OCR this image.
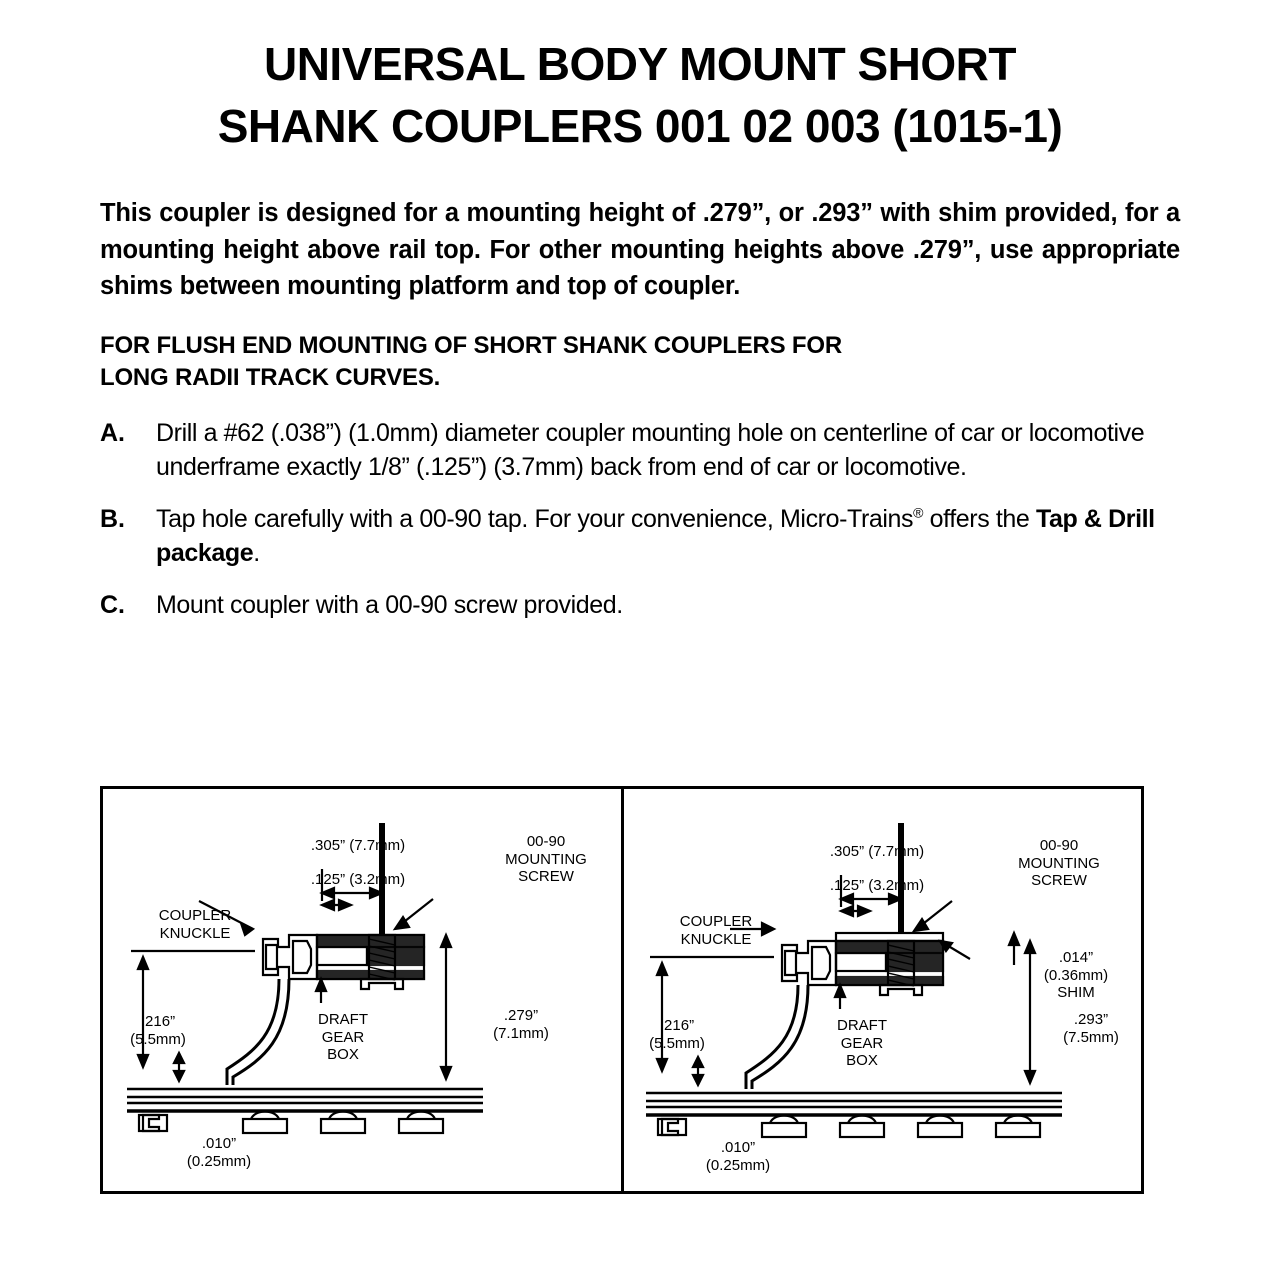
UNIVERSAL BODY MOUNT SHORT
SHANK COUPLERS 001 02 003 (1015-1)

This coupler is designed for a mounting height of .279”, or .293” with shim provided, for a mounting height above rail top. For other mounting heights above .279”, use appropriate shims between mounting platform and top of coupler.

FOR FLUSH END MOUNTING OF SHORT SHANK COUPLERS FOR
LONG RADII TRACK CURVES.
A.	Drill a #62 (.038”) (1.0mm) diameter coupler mounting hole on centerline of car or locomotive underframe exactly 1/8” (.125”) (3.7mm) back from end of car or locomotive.
B.	Tap hole carefully with a 00-90 tap. For your convenience, Micro-Trains® offers the Tap & Drill package.
C.	Mount coupler with a 00-90 screw provided.
COUPLER
KNUCKLE
.305” (7.7mm)
.125” (3.2mm)
00-90
MOUNTING
SCREW
.216”
(5.5mm)
DRAFT
GEAR
BOX
.279”
(7.1mm)
.010”
(0.25mm)
COUPLER
KNUCKLE
.305” (7.7mm)
.125” (3.2mm)
00-90
MOUNTING
SCREW
.014”
(0.36mm)
SHIM
.216”
(5.5mm)
DRAFT
GEAR
BOX
.293”
(7.5mm)
.010”
(0.25mm)
